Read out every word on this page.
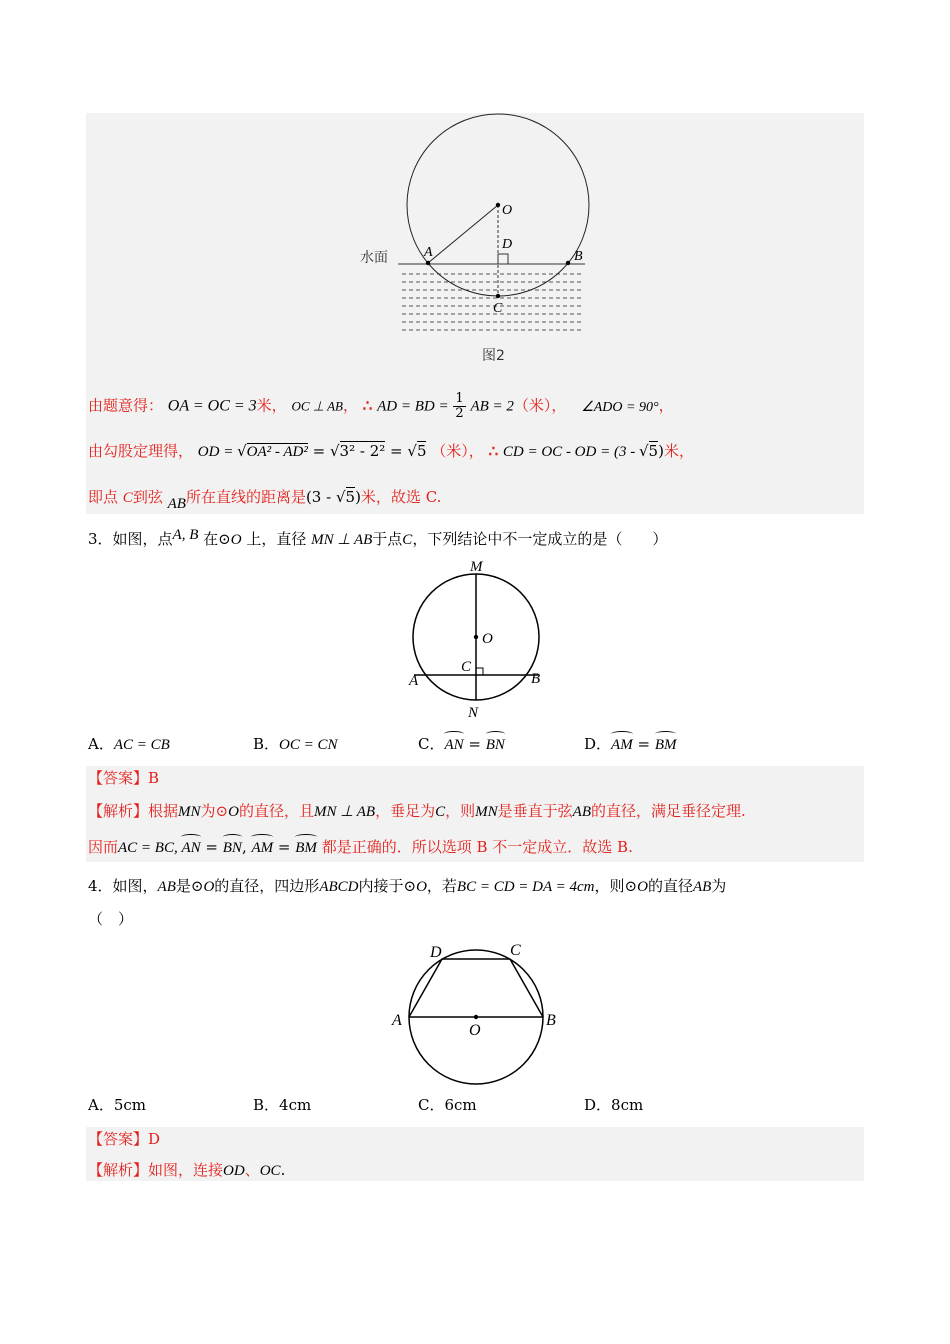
O
D
A	B
C
水面
图2
由题意得： OA = OC = 3米， OC ⊥ AB， ∴ AD = BD = $\frac{1}{2}$ AB = 2（米）， ∠ADO = 90°，
由勾股定理得， OD = √OA² - AD² = √3² - 2² = √5 （米）， ∴ CD = OC - OD = (3 - √5)米，
即点 C到弦 AB所在直线的距离是(3 - √5)米，故选 C.
3．如图，点A, B 在⊙O 上，直径 MN ⊥ AB于点C，下列结论中不一定成立的是（　　）
M
O
C
A	B
N
A．AC = CB	B．OC = CN	C．AN = BN	D．AM = BM
【答案】B
【解析】根据MN为⊙O的直径，且MN ⊥ AB，垂足为C，则MN是垂直于弦AB的直径，满足垂径定理.
因而AC = BC, AN = BN, AM = BM 都是正确的．所以选项 B 不一定成立．故选 B.
4．如图，AB是⊙O的直径，四边形ABCD内接于⊙O，若BC = CD = DA = 4cm，则⊙O的直径AB为
（　）
D	C
A
O
B
A．5cm	B．4cm	C．6cm	D．8cm
【答案】D
【解析】如图，连接OD、OC.
